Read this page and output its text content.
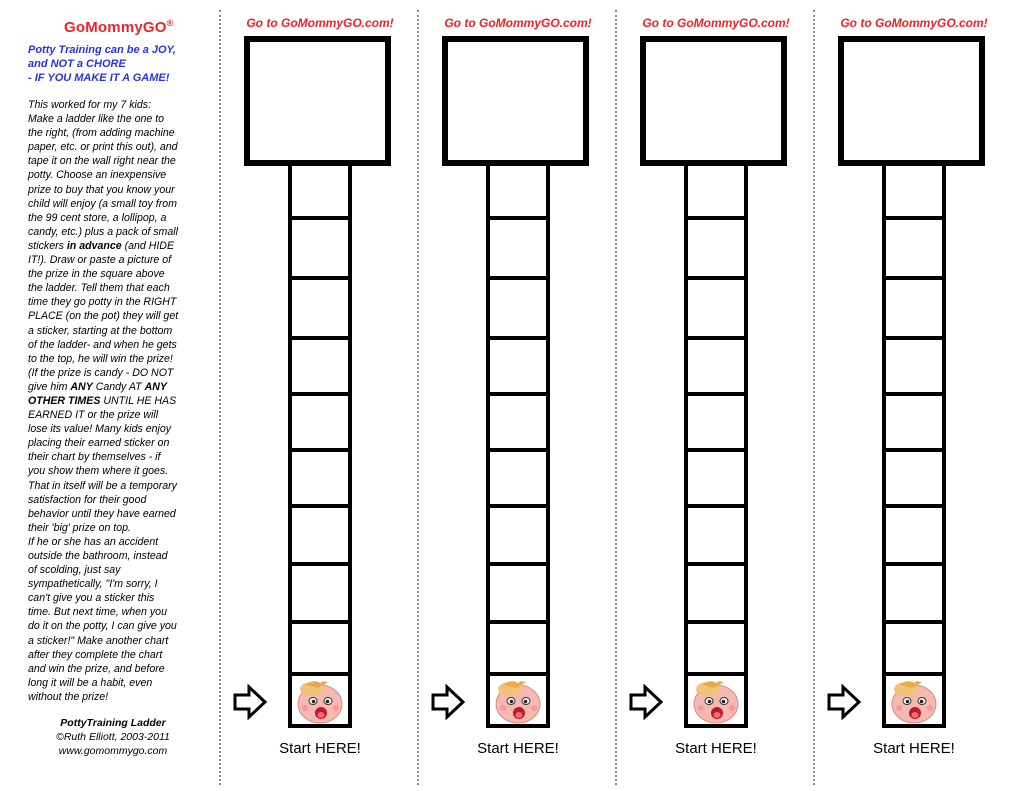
GoMommyGO®
Potty Training can be a JOY,
and NOT a CHORE
- IF YOU MAKE IT A GAME!
This worked for my 7 kids:
Make a ladder like the one to
the right, (from adding machine
paper, etc. or print this out), and
tape it on the wall right near the
potty. Choose an inexpensive
prize to buy that you know your
child will enjoy (a small toy from
the 99 cent store, a lollipop, a
candy, etc.) plus a pack of small
stickers in advance (and HIDE
IT!). Draw or paste a picture of
the prize in the square above
the ladder. Tell them that each
time they go potty in the RIGHT
PLACE (on the pot) they will get
a sticker, starting at the bottom
of the ladder- and when he gets
to the top, he will win the prize!
(If the prize is candy - DO NOT
give him ANY Candy AT ANY
OTHER TIMES UNTIL HE HAS
EARNED IT or the prize will
lose its value! Many kids enjoy
placing their earned sticker on
their chart by themselves - if
you show them where it goes.
That in itself will be a temporary
satisfaction for their good
behavior until they have earned
their 'big' prize on top.
If he or she has an accident
outside the bathroom, instead
of scolding, just say
sympathetically, "I'm sorry, I
can't give you a sticker this
time. But next time, when you
do it on the potty, I can give you
a sticker!" Make another chart
after they complete the chart
and win the prize, and before
long it will be a habit, even
without the prize!
PottyTraining Ladder
©Ruth Elliott, 2003-2011
www.gomommygo.com
Go to GoMommyGO.com!
Start HERE!
Go to GoMommyGO.com!
Start HERE!
Go to GoMommyGO.com!
Start HERE!
Go to GoMommyGO.com!
Start HERE!
